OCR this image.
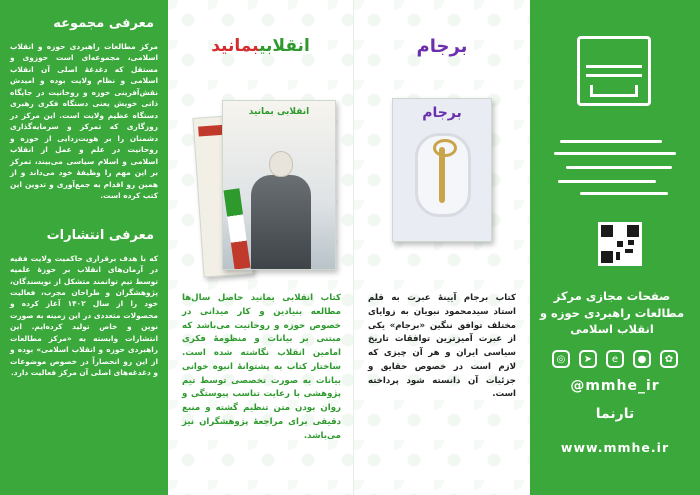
معرفی مجموعه

مرکز مطالعات راهبردی حوزه و انقلاب اسلامی، مجموعه‌ای است حوزوی و مستقل که دغدغهٔ اصلی آن انقلاب اسلامی و نظام ولایت بوده و امیدش نقش‌آفرینی حوزه و روحانیت در جایگاه ذاتی خویش یعنی دستگاه فکری رهبری دستگاه عظیم ولایت است. این مرکز در روزگاری که تمرکز و سرمایه‌گذاری دشمنان را بر هویت‌زدایی از حوزه و روحانیت در علم و عمل از انقلاب اسلامی و اسلام سیاسی می‌بیند، تمرکز بر این مهم را وظیفهٔ خود می‌داند و از همین رو اقدام به جمع‌آوری و تدوین این کتب کرده است.

معرفی انتشارات

که با هدف برقراری حاکمیت ولایت فقیه در آرمان‌های انقلاب بر حوزهٔ علمیه توسط تیم توانمند متشکل از نویسندگان، پژوهشگران و طراحان مجرب، فعالیت خود را از سال ۱۴۰۲ آغاز کرده و محصولات متعددی در این زمینه به صورت نوین و خاص تولید کرده‌ایم. این انتشارات وابسته به «مرکز مطالعات راهبردی حوزه و انقلاب اسلامی» بوده و از این رو انحصاراً در خصوص موضوعات و دغدغه‌های اصلی آن مرکز فعالیت دارد.

انقلابیبمانید
کتاب انقلابی بمانید حاصل سال‌ها مطالعه بنیادین و کار میدانی در خصوص حوزه و روحانیت می‌باشد که مبتنی بر بیانات و منظومهٔ فکری امامین انقلاب نگاشته شده است. ساختار کتاب به پشتوانهٔ انبوه خوانی بیانات به صورت تخصصی توسط تیم پژوهشی با رعایت تناسب پیوستگی و روان بودن متن تنظیم گشته و منبع دقیقی برای مراجعهٔ پژوهشگران نیز می‌باشد.
برجام
کتاب برجام آیینهٔ عبرت به قلم استاد سیدمحمود نبویان به زوایای مختلف توافق ننگین «برجام» یکی از عبرت آمیزترین توافقات تاریخ سیاسی ایران و هر آن چیزی که لازم است در خصوص حقایق و جزئیات آن دانسته شود پرداخته است.
انقلابی بمانید	برجام
صفحات مجازی مرکز مطالعات راهبردی حوزه و انقلاب اسلامی
◎	➤	e	●	✿
@mmhe_ir
تارنما
www.mmhe.ir
